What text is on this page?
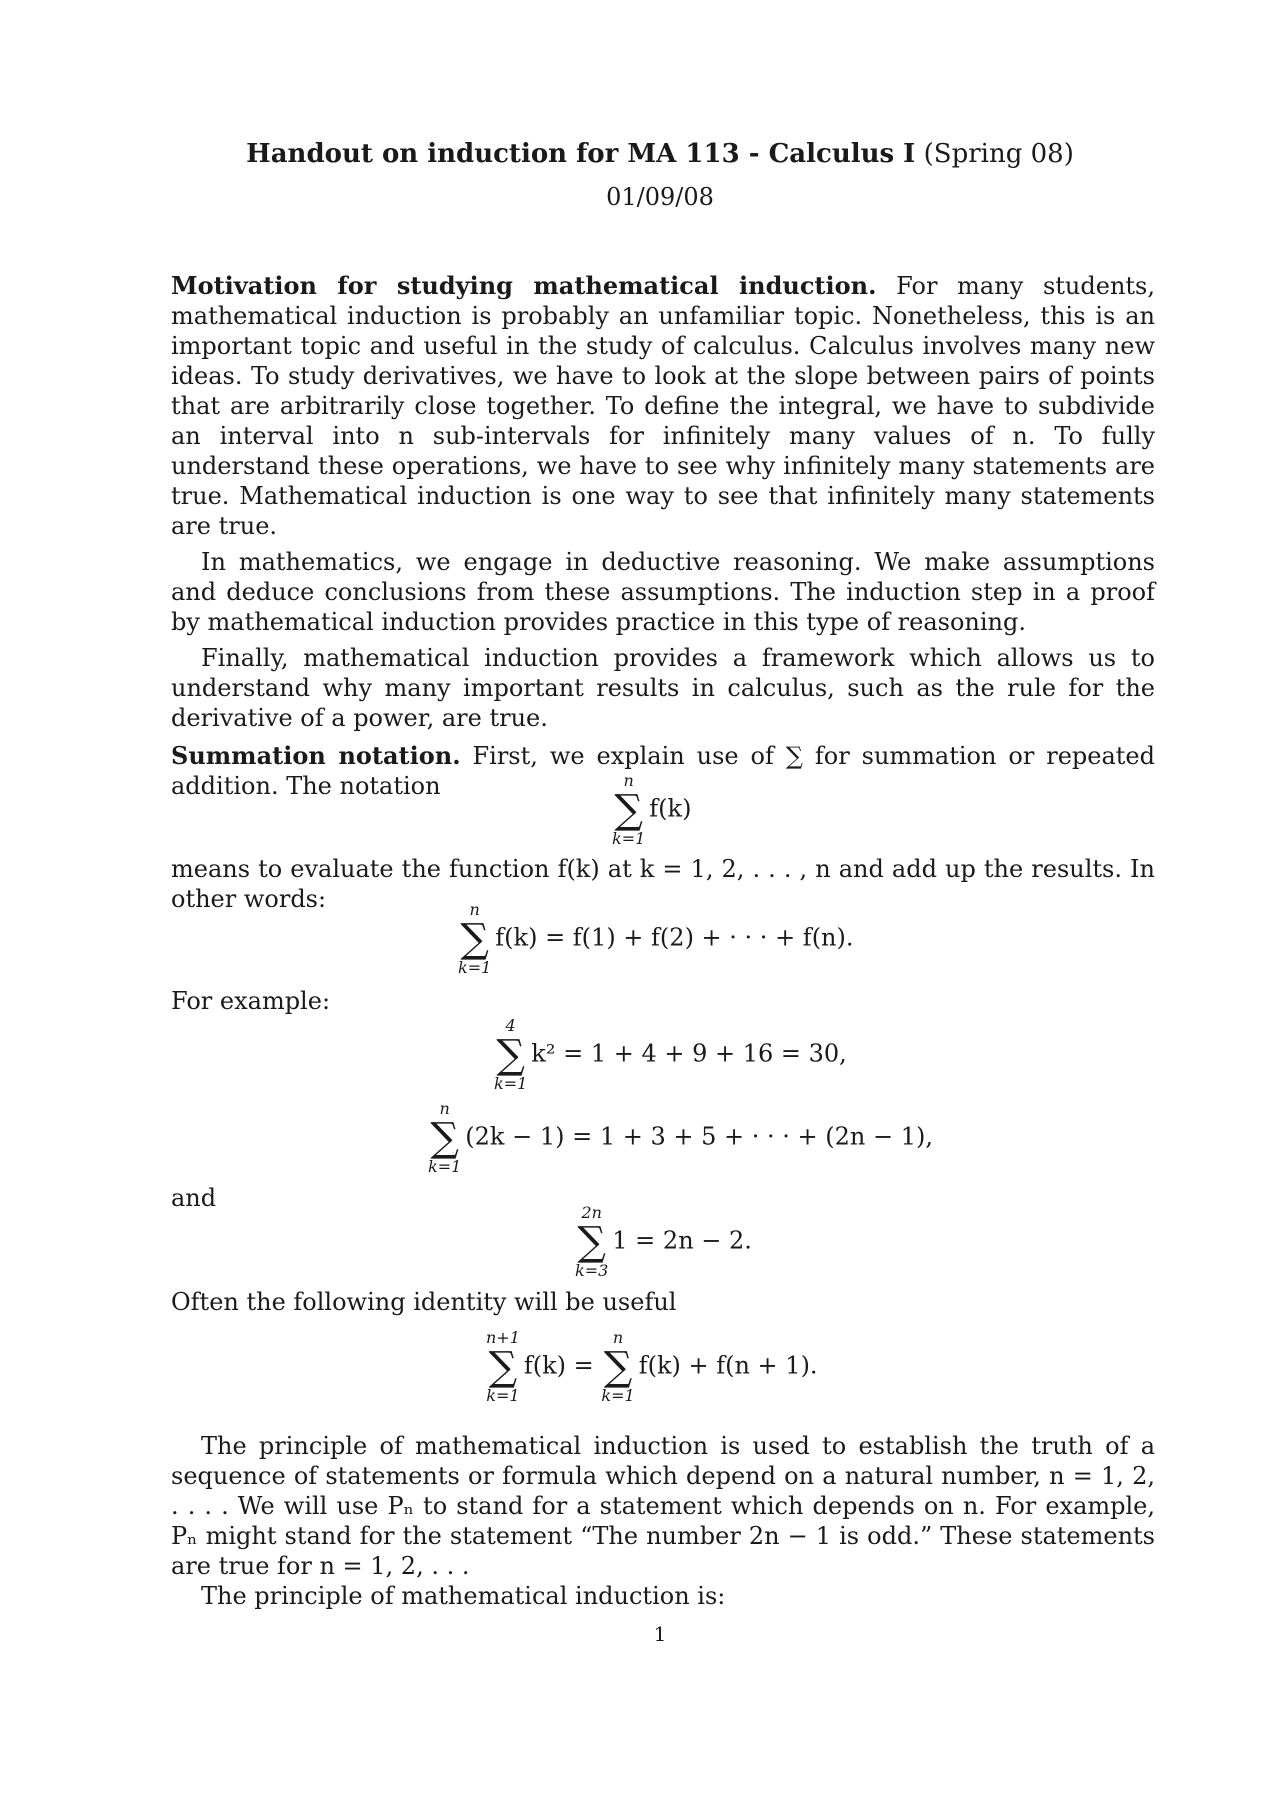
Handout on induction for MA 113 - Calculus I (Spring 08)
01/09/08

Motivation for studying mathematical induction. For many students, mathematical induction is probably an unfamiliar topic. Nonetheless, this is an important topic and useful in the study of calculus. Calculus involves many new ideas. To study derivatives, we have to look at the slope between pairs of points that are arbitrarily close together. To define the integral, we have to subdivide an interval into n sub-intervals for infinitely many values of n. To fully understand these operations, we have to see why infinitely many statements are true. Mathematical induction is one way to see that infinitely many statements are true.

In mathematics, we engage in deductive reasoning. We make assumptions and deduce conclusions from these assumptions. The induction step in a proof by mathematical induction provides practice in this type of reasoning.

Finally, mathematical induction provides a framework which allows us to understand why many important results in calculus, such as the rule for the derivative of a power, are true.

Summation notation. First, we explain use of ∑ for summation or repeated addition. The notation	n
∑
k=1
f(k)

means to evaluate the function f(k) at k = 1, 2, . . . , n and add up the results. In other words:	n
∑
k=1
f(k) = f(1) + f(2) + · · · + f(n).

For example:

4
∑
k=1
k² = 1 + 4 + 9 + 16 = 30,
n
∑
k=1
(2k − 1) = 1 + 3 + 5 + · · · + (2n − 1),

and

2n
∑
k=3
1 = 2n − 2.

Often the following identity will be useful

n+1
∑
k=1
f(k) =
n
∑
k=1
f(k) + f(n + 1).

The principle of mathematical induction is used to establish the truth of a sequence of statements or formula which depend on a natural number, n = 1, 2, . . . . We will use Pₙ to stand for a statement which depends on n. For example, Pₙ might stand for the statement “The number 2n − 1 is odd.” These statements are true for n = 1, 2, . . .

The principle of mathematical induction is:

1
